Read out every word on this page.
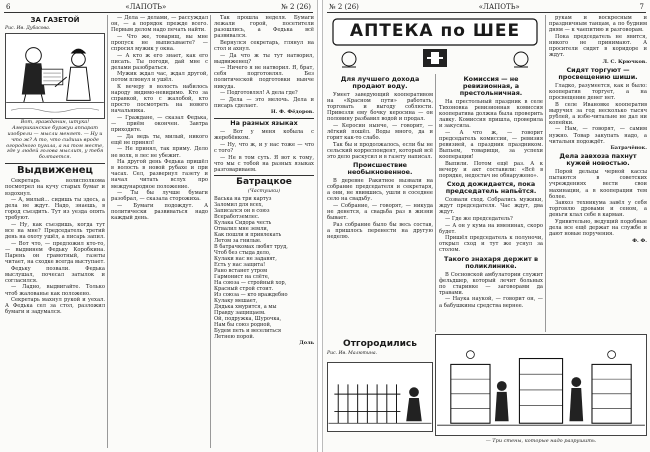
6	«ЛАПОТЬ»	№ 2 (26)
ЗА ГАЗЕТОЙ
Рис. Ив. Дубасова.
Вот, гражданин, штука! Американские буржуи аппарат изобрели — мысли меняет. — Ну и что ж? А то, что сидишь вроде огородного пугала, а на том месте, где у людей голова мыслит, у тебя болтается.
Выдвиженец

Секретарь волисполкома посмотрел на кучу старых бумаг и вздохнул.

— А, милый… сидишь ты здесь, а дела не ждут. Надо, знаешь, в город съездить. Тут из уезда опять требуют.

— Ну, как съездишь, когда тут все на мне? Председатель третий день на охоту ушёл, а писарь запил.

— Вот что, — предложил кто-то, — выдвинем Федьку Коробкина. Парень он грамотный, газеты читает, на сходке всегда выступает.

Федьку позвали. Федька выслушал, почесал затылок и согласился.

— Ладно, выдвигайте. Только чтоб жалованье как положено.

Секретарь махнул рукой и уехал. А Федька сел за стол, разложил бумаги и задумался.

— Дела — делами, — рассуждал он, — а порядок прежде всего. Первым делом надо печать найти.

— Что же, товарищ, вы мне пропуск не выписываете? — спросил мужик у окна.

— А кто ж его знает, как его писать. Ты погоди, дай мне с делами разобраться.

Мужик ждал час, ждал другой, потом плюнул и ушёл.

К вечеру в волость набилось народу видимо-невидимо. Кто за справкой, кто с жалобой, кто просто посмотреть на нового начальника.

— Граждане, — сказал Федька, — приём окончен. Завтра приходите.

— Да ведь ты, милый, никого ещё не принял!

— Не принял, так приму. Дело не волк, в лес не убежит.

На другой день Федька пришёл в волость в новой рубахе и при часах. Сел, развернул газету и начал читать вслух про международное положение.

— Ты бы лучше бумаги разобрал, — сказала сторожиха.

— Бумаги подождут. А политически развиваться надо каждый день.

Так прошла неделя. Бумаги лежали горой, посетители разошлись, а Федька всё развивался.

Вернулся секретарь, глянул на стол и ахнул.

— Да что ж ты тут натворил, выдвиженец?

— Ничего я не натворил. Я, брат, себя подготовлял. Без политической подготовки нынче никуда.

— Подготовлял! А дела где?

— Дела — это мелочь. Дела и писарь сделает.

Н. Ф. Фёдоров.
На разных языках

— Вот у меня кобыла с жеребёнком.

— Ну, что ж, и у нас тоже — что с того?

— Не в том суть. Я вот к тому, что мы с тобой на разных языках разговариваем.

Батрацкое
(Частушки)
Васька на три картуз
Заломил для всех,
Записался он в союз
Всеработземлес.
Кулака Сидора честь
Отвалил мне земли,
Как пошли и привлекать
Летом за гнилые.
В батрачкомах любят труд,
Чтоб без стыда дело,
Кулаки нас не задавят,
Есть у нас защита!
Рано встанет утром
Гармонист на слёте,
На союза — стройный хор,
Красный строй стоит.
Из союза — кто враждебно
Кулаку мешает,
Дядька хмурится, а мы
Правду защищаем.
Ой, подружка, Шурочка,
Нам бы союз родной,
Будем петь и веселиться
Летнею порой.
Доль
№ 2 (26)	«ЛАПОТЬ»	7
АПТЕКА по ШЕЕ
Для лучшего дохода продают воду.

Умеет заведующий кооперативом на «Красном пути» работать, торговать и выгоду соблюсти. Привезли ему бочку керосина — он половину разбавил водой и продал.

— Керосин нынче, — говорит, — лёгкий пошёл. Воды много, да и горит как-то слабо.

Так бы и продолжалось, если бы не сельский корреспондент, который всё это дело раскусил и в газету написал.

Происшествие необыкновенное.

В деревне Ракитное вызвали на собрание председателя и секретаря, а они, не явившись, ушли в соседнее село на свадьбу.

— Собрание, — говорят, — никуда не денется, а свадьба раз в жизни бывает.

Раз собрание было бы весь состав, а пришлось перенести на другую неделю.

Комиссия — не ревизионная, а престольничная.

На престольный праздник в селе Тихоновка ревизионная комиссия кооператива должна была проверить лавку. Комиссия пришла, проверила и закусила.

— А что ж, — говорит председатель комиссии, — ревизия ревизией, а праздник праздником. Выпьем, товарищи, за успехи кооперации!

Выпили. Потом ещё раз. А к вечеру и акт составили: «Всё в порядке, недостач не обнаружено».

Сход дожидается, пока председатель напьётся.

Созвали сход. Собрались мужики, ждут председателя. Час ждут, два ждут.

— Где же председатель?

— А он у кума на именинах, скоро будет.

Пришёл председатель к полуночи, открыл сход и тут же уснул за столом.

Такого знахаря держит в поликлинике.

В Сосновской амбулатории служит фельдшер, который лечит больных по старинке — заговорами да травами.

— Наука наукой, — говорит он, — а бабушкины средства вернее.

рукам и воскресным и праздничным танцам, а по будним дням — к чаепитию и разговорам.

Пока председатель не явится, никого не принимают. А просители сидят в коридоре и ждут.

Л. С. Крючков.
Сидят торгуют — просвещению шиши.

Гладко, разумеется, как и было: кооператив торгует, а на просвещение денег нет.

В селе Ивановке кооператив выручил за год несколько тысяч рублей, а избе-читальне не дал ни копейки.

— Нам, — говорят, — самим нужно. Товар закупать надо, а читальня подождёт.

Батрачёнок.
Дела завхоза пахнут кужей новостью.

Порой дельцы черной кассы пытаются в советских учреждениях вести свои махинации, а в кооперации тем более.

Завхоз техникума завёл у себя торговлю дровами и сеном, а деньги клал себе в карман.

Удивительно, ведущий подобные дела все ещё держат на службе и дают новые поручения.

Ф. Ф.
Отгородились
Рис. Ив. Малютина.
— Три стены, которые надо разрушить.
